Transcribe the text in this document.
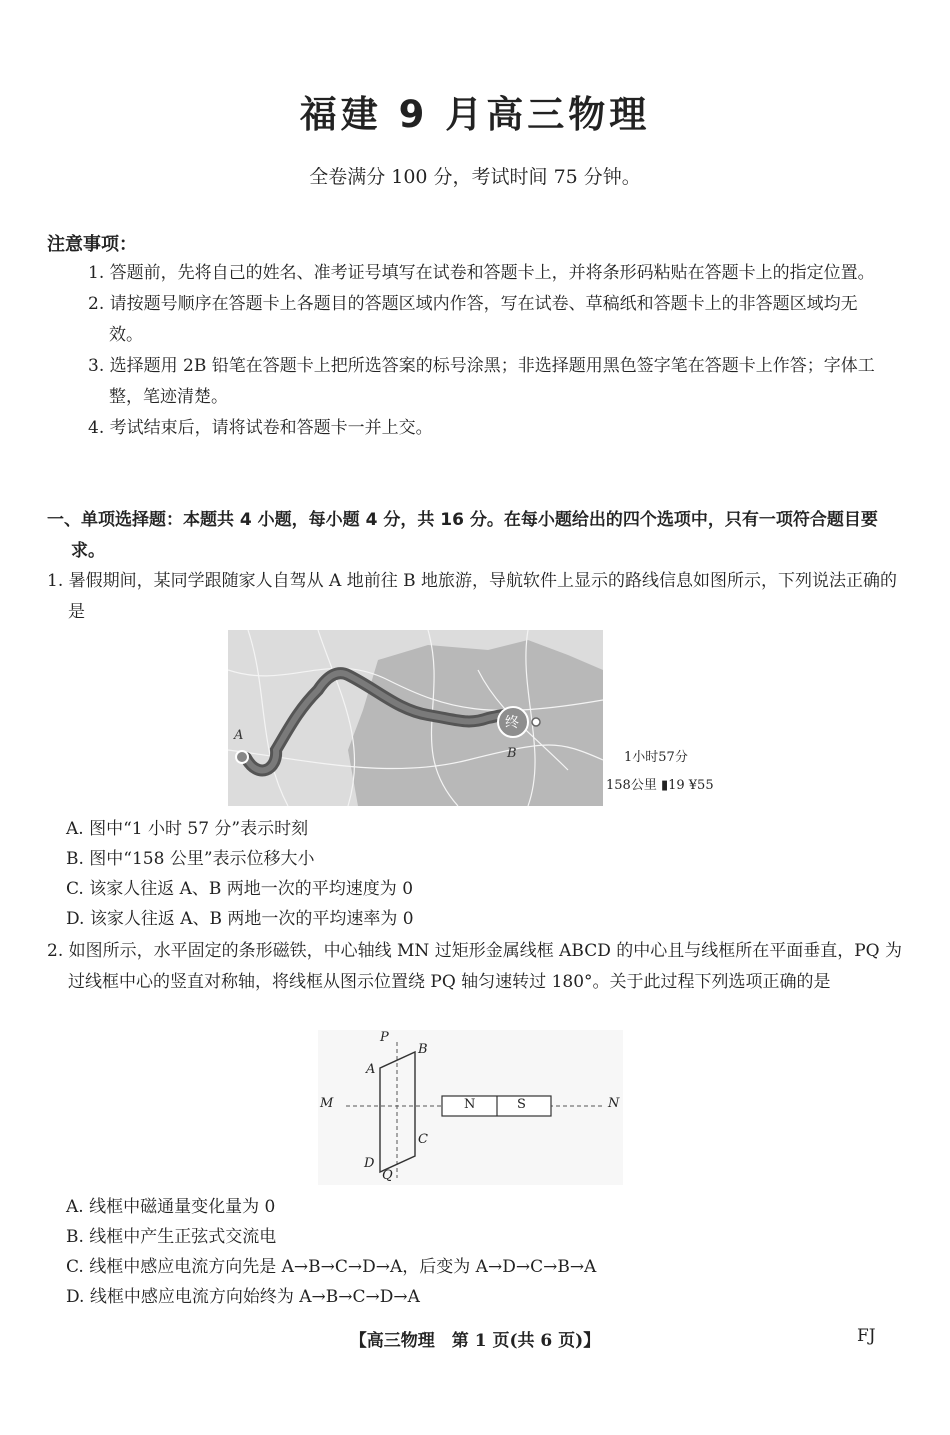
福建 9 月高三物理
全卷满分 100 分，考试时间 75 分钟。
注意事项：
1. 答题前，先将自己的姓名、准考证号填写在试卷和答题卡上，并将条形码粘贴在答题卡上的指定位置。
2. 请按题号顺序在答题卡上各题目的答题区域内作答，写在试卷、草稿纸和答题卡上的非答题区域均无效。
3. 选择题用 2B 铅笔在答题卡上把所选答案的标号涂黑；非选择题用黑色签字笔在答题卡上作答；字体工整，笔迹清楚。
4. 考试结束后，请将试卷和答题卡一并上交。
一、单项选择题：本题共 4 小题，每小题 4 分，共 16 分。在每小题给出的四个选项中，只有一项符合题目要求。
1. 暑假期间，某同学跟随家人自驾从 A 地前往 B 地旅游，导航软件上显示的路线信息如图所示，下列说法正确的是
A
B
终
1小时57分
158公里 ▮19 ¥55
A. 图中“1 小时 57 分”表示时刻
B. 图中“158 公里”表示位移大小
C. 该家人往返 A、B 两地一次的平均速度为 0
D. 该家人往返 A、B 两地一次的平均速率为 0
2. 如图所示，水平固定的条形磁铁，中心轴线 MN 过矩形金属线框 ABCD 的中心且与线框所在平面垂直，PQ 为过线框中心的竖直对称轴，将线框从图示位置绕 PQ 轴匀速转过 180°。关于此过程下列选项正确的是
P
B
A
M	N
N	S
C
D
Q
A. 线框中磁通量变化量为 0
B. 线框中产生正弦式交流电
C. 线框中感应电流方向先是 A→B→C→D→A，后变为 A→D→C→B→A
D. 线框中感应电流方向始终为 A→B→C→D→A
【高三物理　第 1 页(共 6 页)】	FJ
